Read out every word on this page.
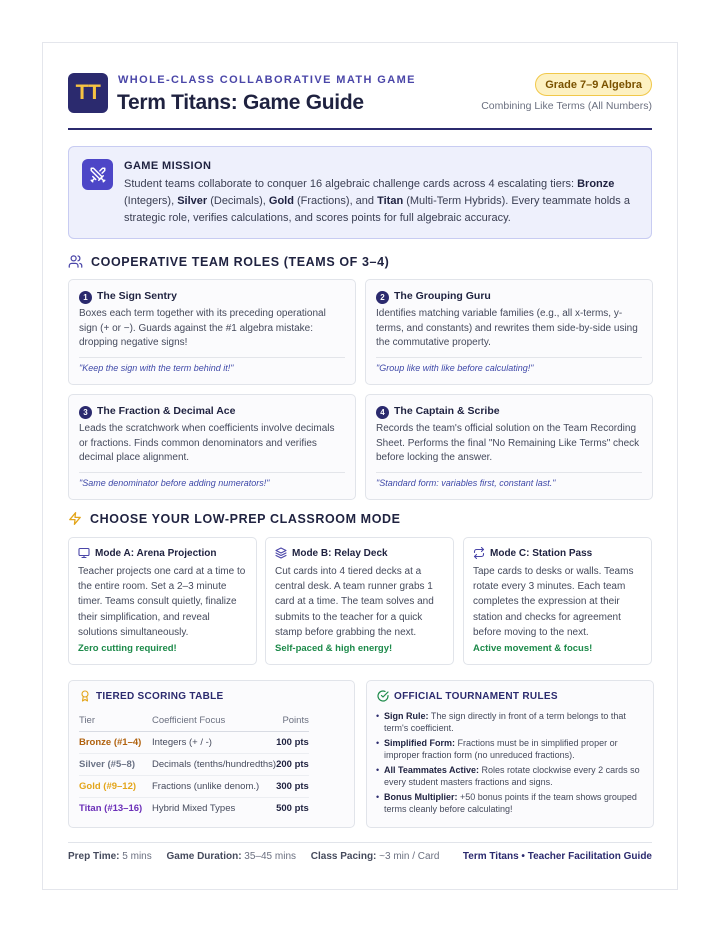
TT
WHOLE-CLASS COLLABORATIVE MATH GAME
Term Titans: Game Guide
Grade 7–9 Algebra
Combining Like Terms (All Numbers)
GAME MISSION
Student teams collaborate to conquer 16 algebraic challenge cards across 4 escalating tiers: Bronze (Integers), Silver (Decimals), Gold (Fractions), and Titan (Multi-Term Hybrids). Every teammate holds a strategic role, verifies calculations, and scores points for full algebraic accuracy.
COOPERATIVE TEAM ROLES (TEAMS OF 3–4)
1 The Sign Sentry
Boxes each term together with its preceding operational sign (+ or −). Guards against the #1 algebra mistake: dropping negative signs!
"Keep the sign with the term behind it!"
2 The Grouping Guru
Identifies matching variable families (e.g., all x-terms, y-terms, and constants) and rewrites them side-by-side using the commutative property.
"Group like with like before calculating!"
3 The Fraction & Decimal Ace
Leads the scratchwork when coefficients involve decimals or fractions. Finds common denominators and verifies decimal place alignment.
"Same denominator before adding numerators!"
4 The Captain & Scribe
Records the team's official solution on the Team Recording Sheet. Performs the final "No Remaining Like Terms" check before locking the answer.
"Standard form: variables first, constant last."
CHOOSE YOUR LOW-PREP CLASSROOM MODE
Mode A: Arena Projection
Teacher projects one card at a time to the entire room. Set a 2–3 minute timer. Teams consult quietly, finalize their simplification, and reveal solutions simultaneously.
Zero cutting required!
Mode B: Relay Deck
Cut cards into 4 tiered decks at a central desk. A team runner grabs 1 card at a time. The team solves and submits to the teacher for a quick stamp before grabbing the next.
Self-paced & high energy!
Mode C: Station Pass
Tape cards to desks or walls. Teams rotate every 3 minutes. Each team completes the expression at their station and checks for agreement before moving to the next.
Active movement & focus!
TIERED SCORING TABLE
Tier	Coefficient Focus	Points
Bronze (#1–4)	Integers (+ / -)	100 pts
Silver (#5–8)	Decimals (tenths/hundredths)	200 pts
Gold (#9–12)	Fractions (unlike denom.)	300 pts
Titan (#13–16)	Hybrid Mixed Types	500 pts
OFFICIAL TOURNAMENT RULES
• Sign Rule: The sign directly in front of a term belongs to that term's coefficient.
• Simplified Form: Fractions must be in simplified proper or improper fraction form (no unreduced fractions).
• All Teammates Active: Roles rotate clockwise every 2 cards so every student masters fractions and signs.
• Bonus Multiplier: +50 bonus points if the team shows grouped terms cleanly before calculating!
Prep Time: 5 mins Game Duration: 35–45 mins Class Pacing: ~3 min / Card Term Titans • Teacher Facilitation Guide
